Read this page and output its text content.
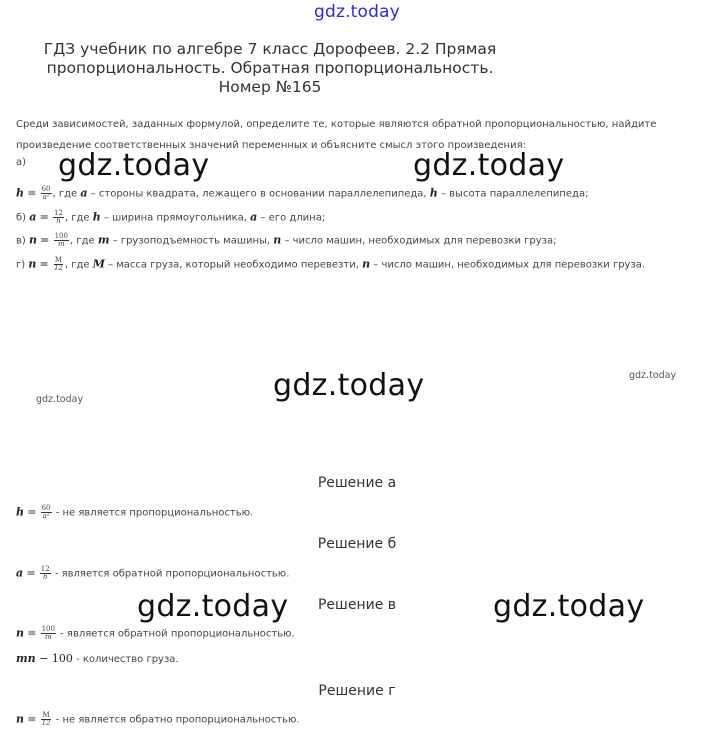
gdz.today
ГДЗ учебник по алгебре 7 класс Дорофеев. 2.2 Прямая пропорциональность. Обратная пропорциональность. Номер №165
Среди зависимостей, заданных формулой, определите те, которые являются обратной пропорциональностью, найдите произведение соответственных значений переменных и объясните смысл этого произведения:
а)
$h = \frac{60}{\text{a²}}$ , где a – стороны квадрата, лежащего в основании параллелепипеда, h – высота параллелепипеда;
б) $a = \frac{12}{h}$ , где h – ширина прямоугольника, a – его длина;
в) $n = \frac{100}{m}$ , где m – грузоподъемность машины, n – число машин, необходимых для перевозки груза;
г) $n = \frac{M}{12}$ , где M – масса груза, который необходимо перевезти, n – число машин, необходимых для перевозки груза.
gdz.today	gdz.today
gdz.today	gdz.today
gdz.today
gdz.today	gdz.today
Решение а
$h = \frac{60}{\text{a²}}$ - не является пропорциональностью.
Решение б
$a = \frac{12}{h}$ - является обратной пропорциональностью.
Решение в
$n = \frac{100}{m}$ - является обратной пропорциональностью.
mn − 100 - количество груза.
Решение г
$n = \frac{M}{12}$ - не является обратно пропорциональностью.
